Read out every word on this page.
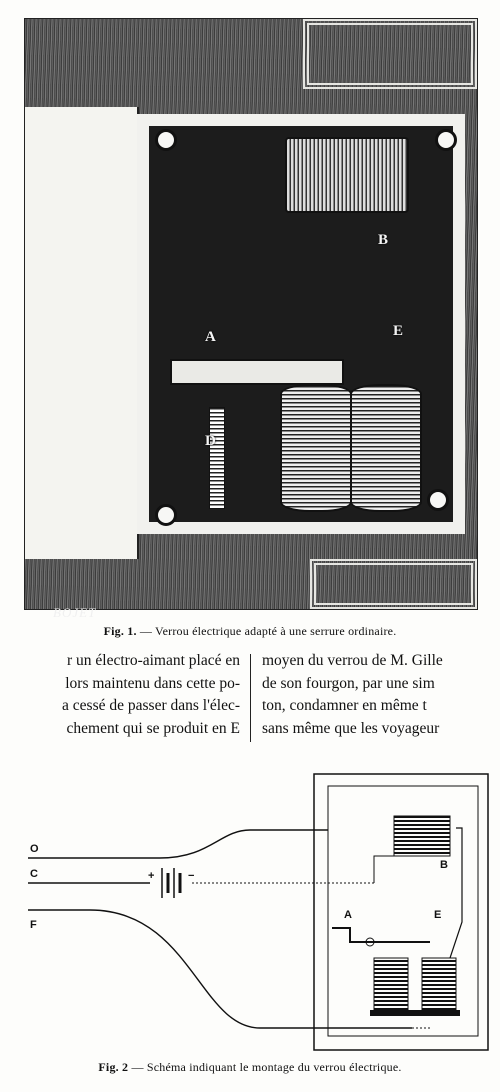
A
B
D
E
BOJET
Fig. 1. — Verrou électrique adapté à une serrure ordinaire.
r un électro-aimant placé en
lors maintenu dans cette po-
a cessé de passer dans l'élec-
chement qui se produit en E
moyen du verrou de M. Gille
de son fourgon, par une sim
ton, condamner en même t
sans même que les voyageur
+	−
O
C
F
B
A	E
Fig. 2 — Schéma indiquant le montage du verrou électrique.
